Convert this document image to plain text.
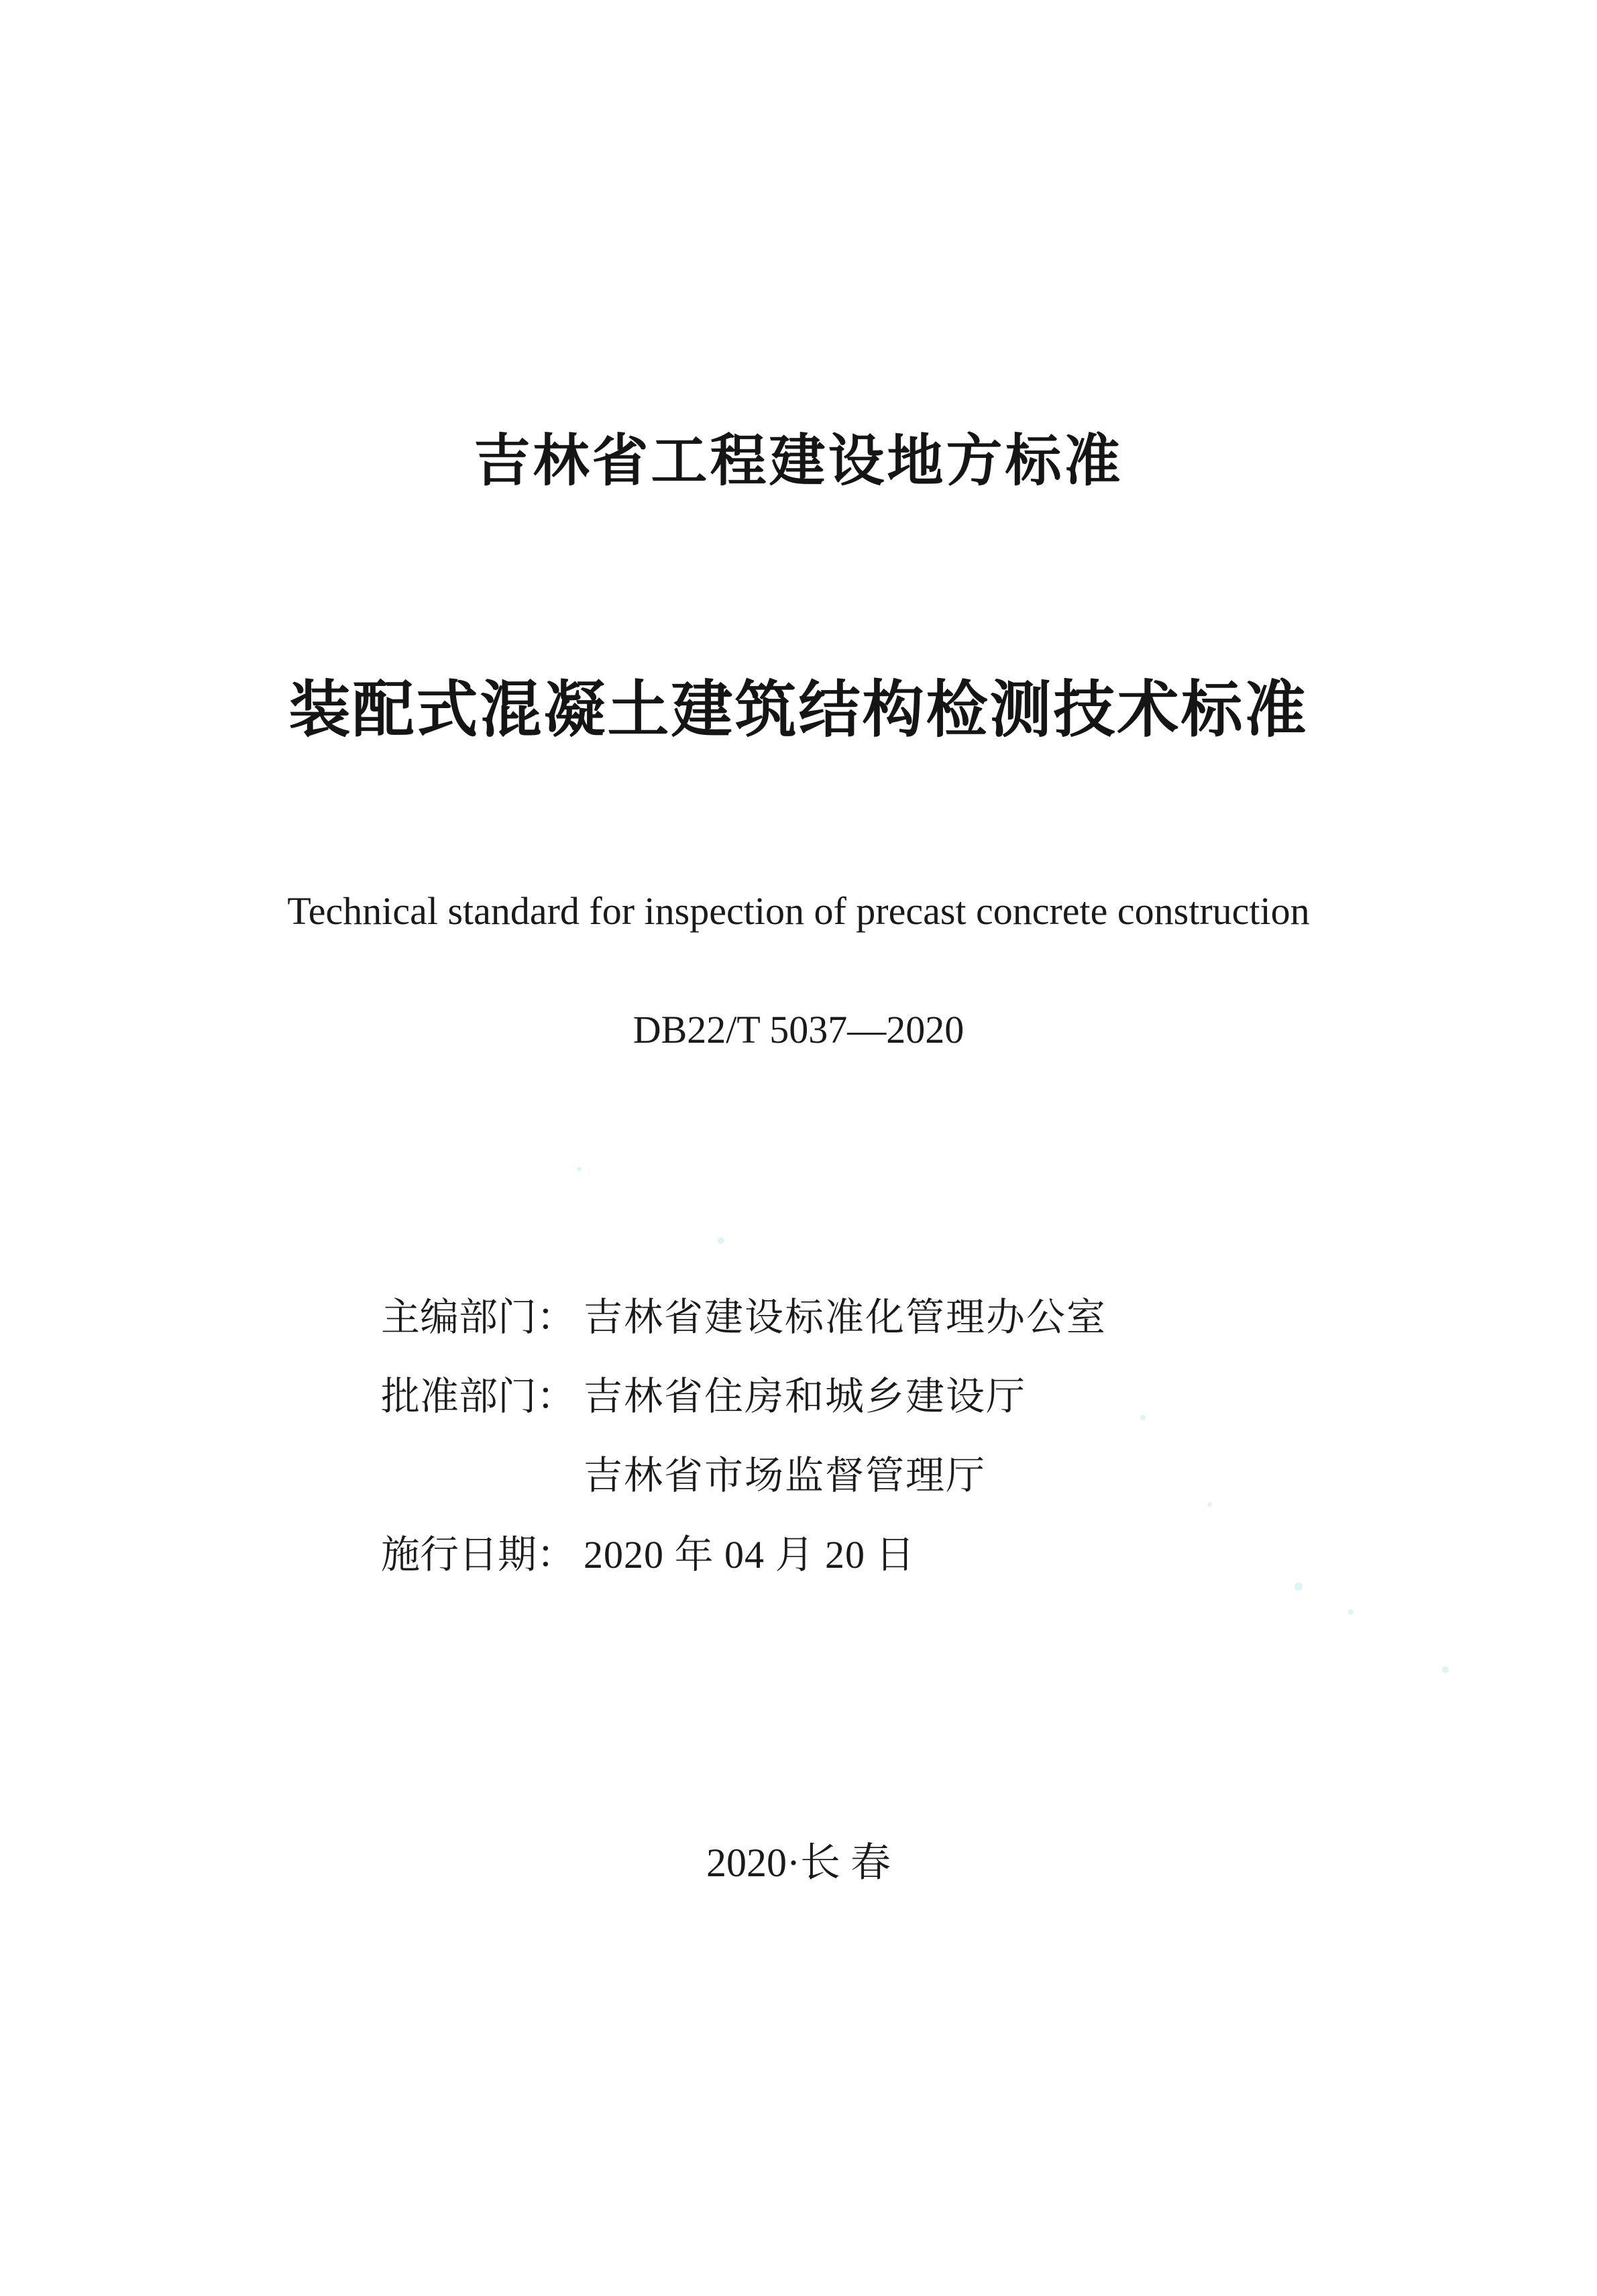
吉林省工程建设地方标准
装配式混凝土建筑结构检测技术标准
Technical standard for inspection of precast concrete construction
DB22/T 5037—2020
主编部门： 吉林省建设标准化管理办公室
批准部门： 吉林省住房和城乡建设厅
吉林省市场监督管理厅
施行日期： 2020 年 04 月 20 日
2020·长 春
